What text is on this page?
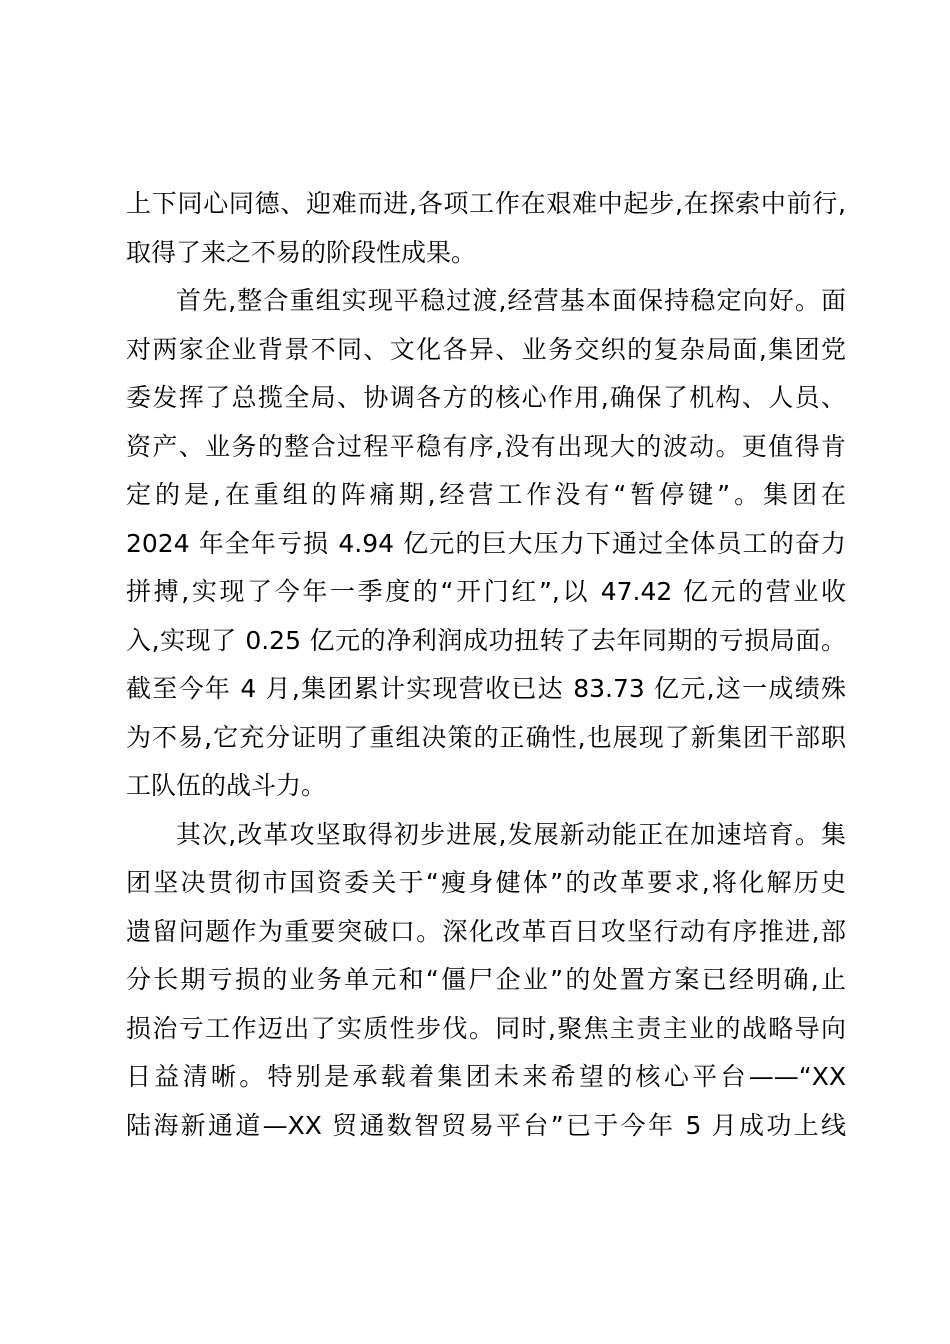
上下同心同德、迎难而进,各项工作在艰难中起步,在探索中前行,
取得了来之不易的阶段性成果。
首先,整合重组实现平稳过渡,经营基本面保持稳定向好。面
对两家企业背景不同、文化各异、业务交织的复杂局面,集团党
委发挥了总揽全局、协调各方的核心作用,确保了机构、人员、
资产、业务的整合过程平稳有序,没有出现大的波动。更值得肯
定的是,在重组的阵痛期,经营工作没有“暂停键”。集团在
2024 年全年亏损 4.94 亿元的巨大压力下通过全体员工的奋力
拼搏,实现了今年一季度的“开门红”,以 47.42 亿元的营业收
入,实现了 0.25 亿元的净利润成功扭转了去年同期的亏损局面。
截至今年 4 月,集团累计实现营收已达 83.73 亿元,这一成绩殊
为不易,它充分证明了重组决策的正确性,也展现了新集团干部职
工队伍的战斗力。
其次,改革攻坚取得初步进展,发展新动能正在加速培育。集
团坚决贯彻市国资委关于“瘦身健体”的改革要求,将化解历史
遗留问题作为重要突破口。深化改革百日攻坚行动有序推进,部
分长期亏损的业务单元和“僵尸企业”的处置方案已经明确,止
损治亏工作迈出了实质性步伐。同时,聚焦主责主业的战略导向
日益清晰。特别是承载着集团未来希望的核心平台——“XX
陆海新通道—XX 贸通数智贸易平台”已于今年 5 月成功上线
